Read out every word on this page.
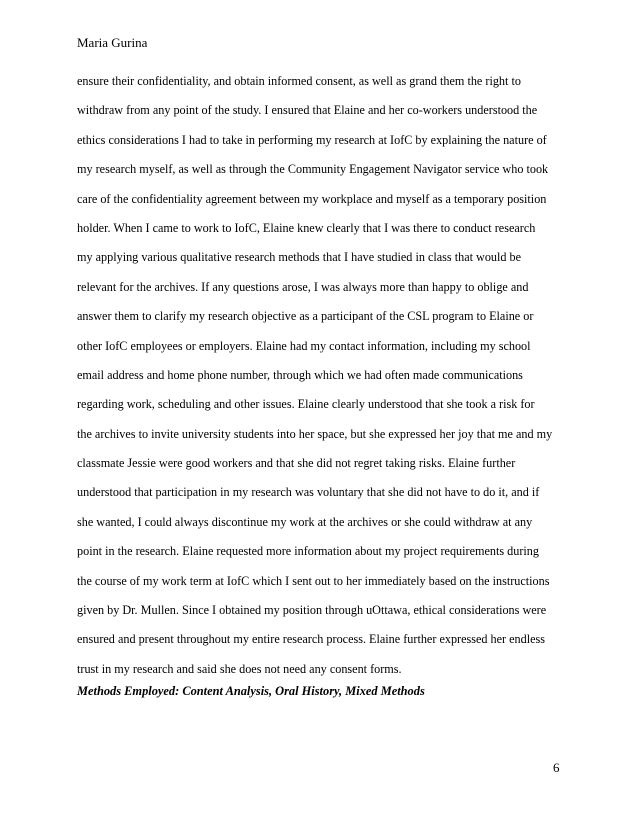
Maria Gurina
ensure their confidentiality, and obtain informed consent, as well as grand them the right to
withdraw from any point of the study. I ensured that Elaine and her co-workers understood the
ethics considerations I had to take in performing my research at IofC by explaining the nature of
my research myself, as well as through the Community Engagement Navigator service who took
care of the confidentiality agreement between my workplace and myself as a temporary position
holder. When I came to work to IofC, Elaine knew clearly that I was there to conduct research
my applying various qualitative research methods that I have studied in class that would be
relevant for the archives. If any questions arose, I was always more than happy to oblige and
answer them to clarify my research objective as a participant of the CSL program to Elaine or
other IofC employees or employers. Elaine had my contact information, including my school
email address and home phone number, through which we had often made communications
regarding work, scheduling and other issues. Elaine clearly understood that she took a risk for
the archives to invite university students into her space, but she expressed her joy that me and my
classmate Jessie were good workers and that she did not regret taking risks. Elaine further
understood that participation in my research was voluntary that she did not have to do it, and if
she wanted, I could always discontinue my work at the archives or she could withdraw at any
point in the research. Elaine requested more information about my project requirements during
the course of my work term at IofC which I sent out to her immediately based on the instructions
given by Dr. Mullen. Since I obtained my position through uOttawa, ethical considerations were
ensured and present throughout my entire research process. Elaine further expressed her endless
trust in my research and said she does not need any consent forms.
Methods Employed: Content Analysis, Oral History, Mixed Methods
6
